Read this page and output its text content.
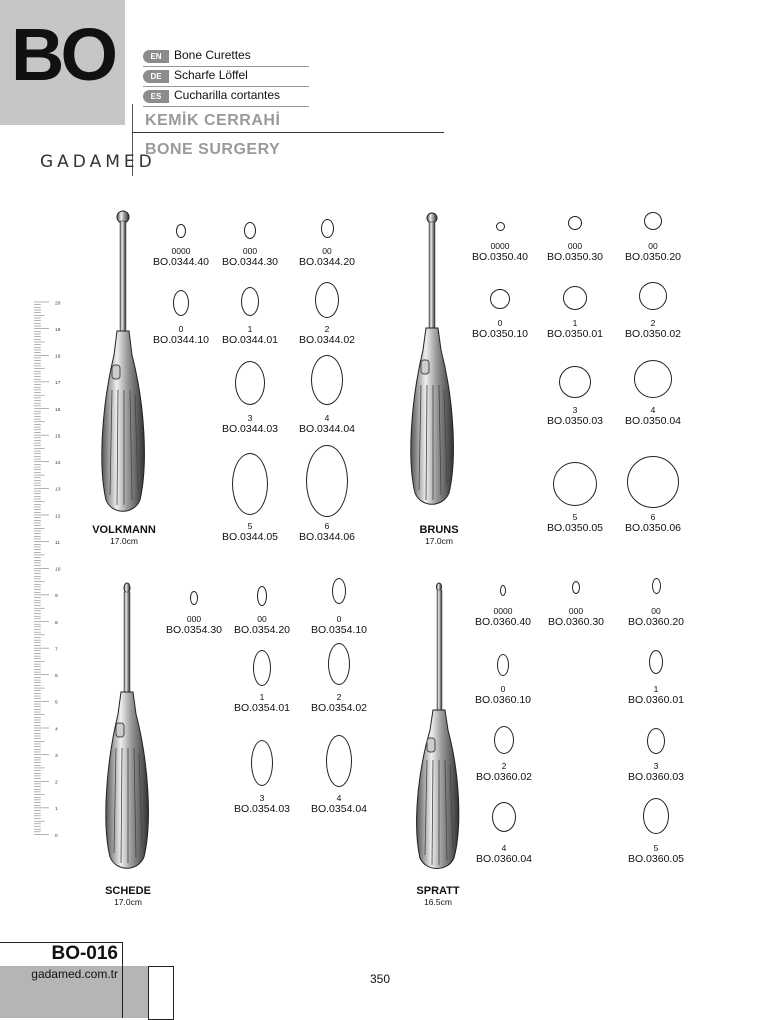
BO	EN	Bone Curettes
DE	Scharfe Löffel
ES	Cucharilla cortantes
KEMİK CERRAHİ
BONE SURGERY
GADAMED
0
1
2
3
4
5
6
7
8
9
10
11
12
13
14
15
16
17
18
19
20
VOLKMANN
17.0cm
BRUNS
17.0cm
SCHEDE
17.0cm
SPRATT
16.5cm
0000
BO.0344.40
000
BO.0344.30
00
BO.0344.20
0
BO.0344.10
1
BO.0344.01
2
BO.0344.02
3
BO.0344.03
4
BO.0344.04
5
BO.0344.05
6
BO.0344.06
0000
BO.0350.40
000
BO.0350.30
00
BO.0350.20
0
BO.0350.10
1
BO.0350.01
2
BO.0350.02
3
BO.0350.03
4
BO.0350.04
5
BO.0350.05
6
BO.0350.06
000
BO.0354.30
00
BO.0354.20
0
BO.0354.10
1
BO.0354.01
2
BO.0354.02
3
BO.0354.03
4
BO.0354.04
0000
BO.0360.40
000
BO.0360.30
00
BO.0360.20
0
BO.0360.10
1
BO.0360.01
2
BO.0360.02
3
BO.0360.03
4
BO.0360.04
5
BO.0360.05
BO-016
gadamed.com.tr	350
